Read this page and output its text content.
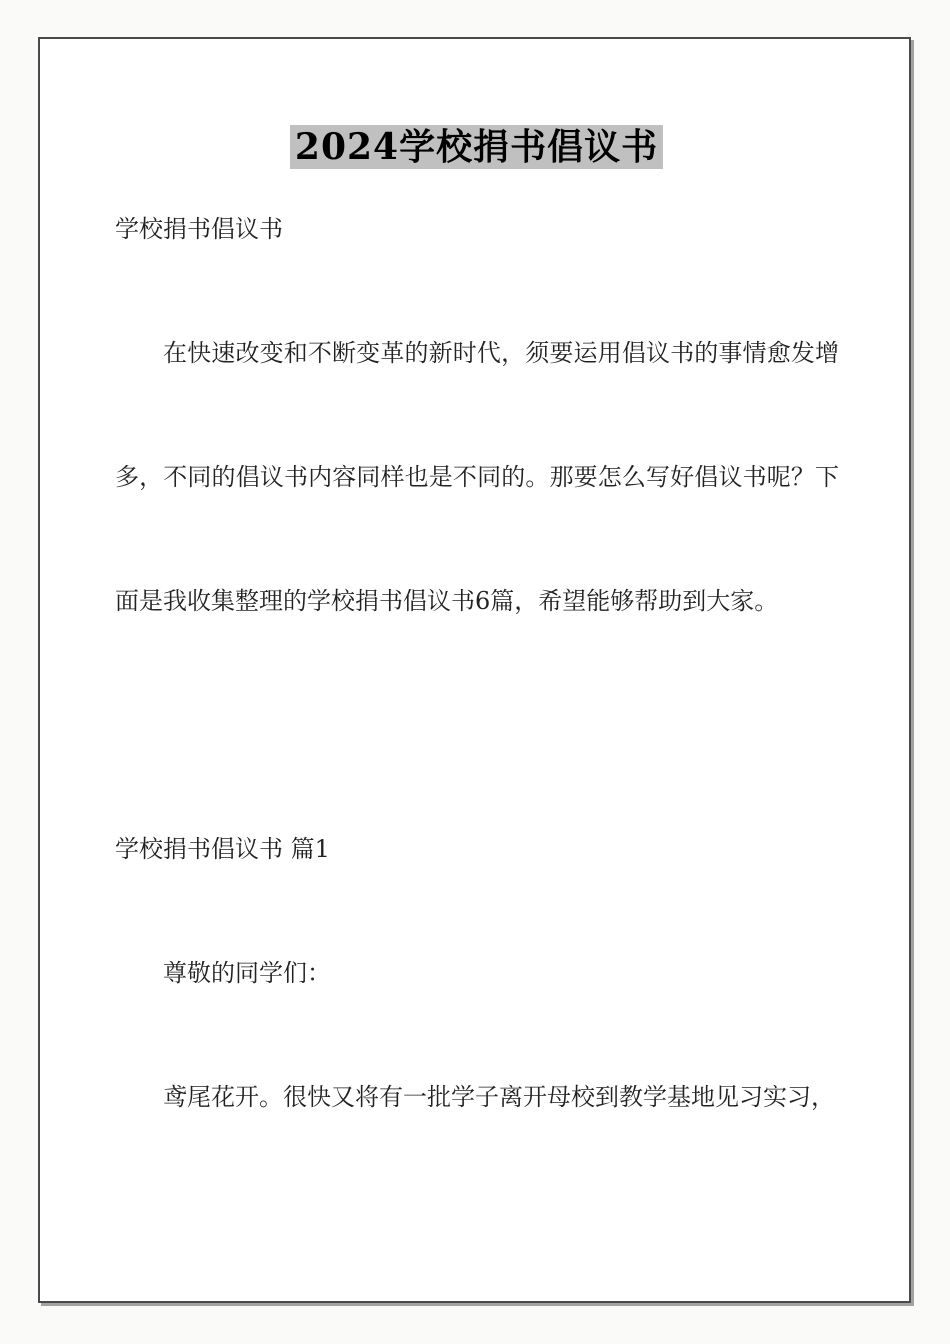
2024学校捐书倡议书

学校捐书倡议书

在快速改变和不断变革的新时代，须要运用倡议书的事情愈发增多，不同的倡议书内容同样也是不同的。那要怎么写好倡议书呢？下面是我收集整理的学校捐书倡议书6篇，希望能够帮助到大家。

学校捐书倡议书 篇1

尊敬的同学们：

鸢尾花开。很快又将有一批学子离开母校到教学基地见习实习，
